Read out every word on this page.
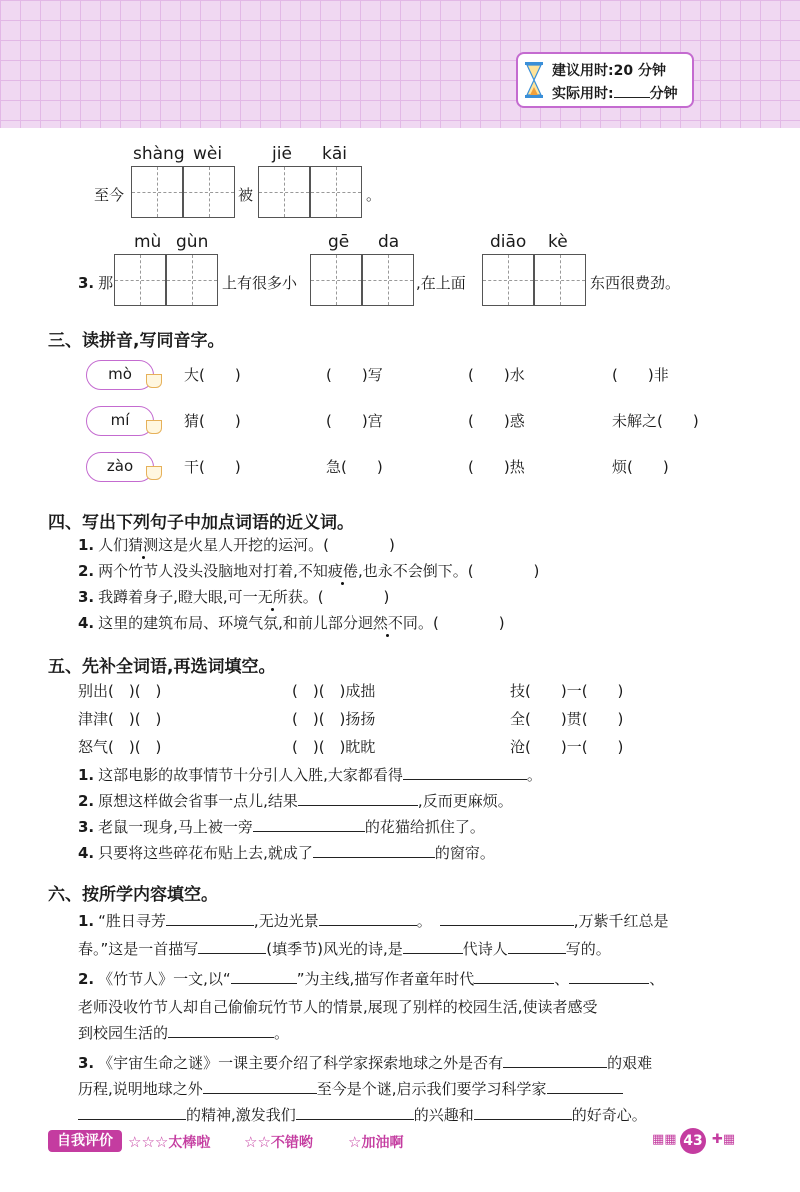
建议用时:20 分钟
实际用时:	分钟
shàng wèi	jiē kāi
至今	被	。
mù gùn	gē da	diāo kè
3. 那	上有很多小	,在上面	东西很费劲。
三、读拼音,写同音字。
mò	大(　　)	(　　)写	(　　)水	(　　)非
mí	猜(　　)	(　　)宫	(　　)惑	未解之(　　)
zào	干(　　)	急(　　)	(　　)热	烦(　　)
四、写出下列句子中加点词语的近义词。
1. 人们猜测这是火星人开挖的运河。(　　　　)
2. 两个竹节人没头没脑地对打着,不知疲倦,也永不会倒下。(　　　　)
3. 我蹲着身子,瞪大眼,可一无所获。(　　　　)
4. 这里的建筑布局、环境气氛,和前儿部分迥然不同。(　　　　)
五、先补全词语,再选词填空。
别出(　)(　)	(　)(　)成拙	技(　　)一(　　)
津津(　)(　)	(　)(　)扬扬	全(　　)贯(　　)
怒气(　)(　)	(　)(　)眈眈	沧(　　)一(　　)
1. 这部电影的故事情节十分引人入胜,大家都看得	。
2. 原想这样做会省事一点儿,结果	,反而更麻烦。
3. 老鼠一现身,马上被一旁	的花猫给抓住了。
4. 只要将这些碎花布贴上去,就成了	的窗帘。
六、按所学内容填空。
1. “胜日寻芳	,无边光景	。	,万紫千红总是
春。”这是一首描写	(填季节)风光的诗,是	代诗人	写的。
2. 《竹节人》一文,以“	”为主线,描写作者童年时代	、	、
老师没收竹节人却自己偷偷玩竹节人的情景,展现了别样的校园生活,使读者感受
到校园生活的	。
3. 《宇宙生命之谜》一课主要介绍了科学家探索地球之外是否有	的艰难
历程,说明地球之外	至今是个谜,启示我们要学习科学家
的精神,激发我们	的兴趣和	的好奇心。
自我评价	☆☆☆太棒啦 ☆☆不错哟 ☆加油啊	▦▦ 43 ✚▦
